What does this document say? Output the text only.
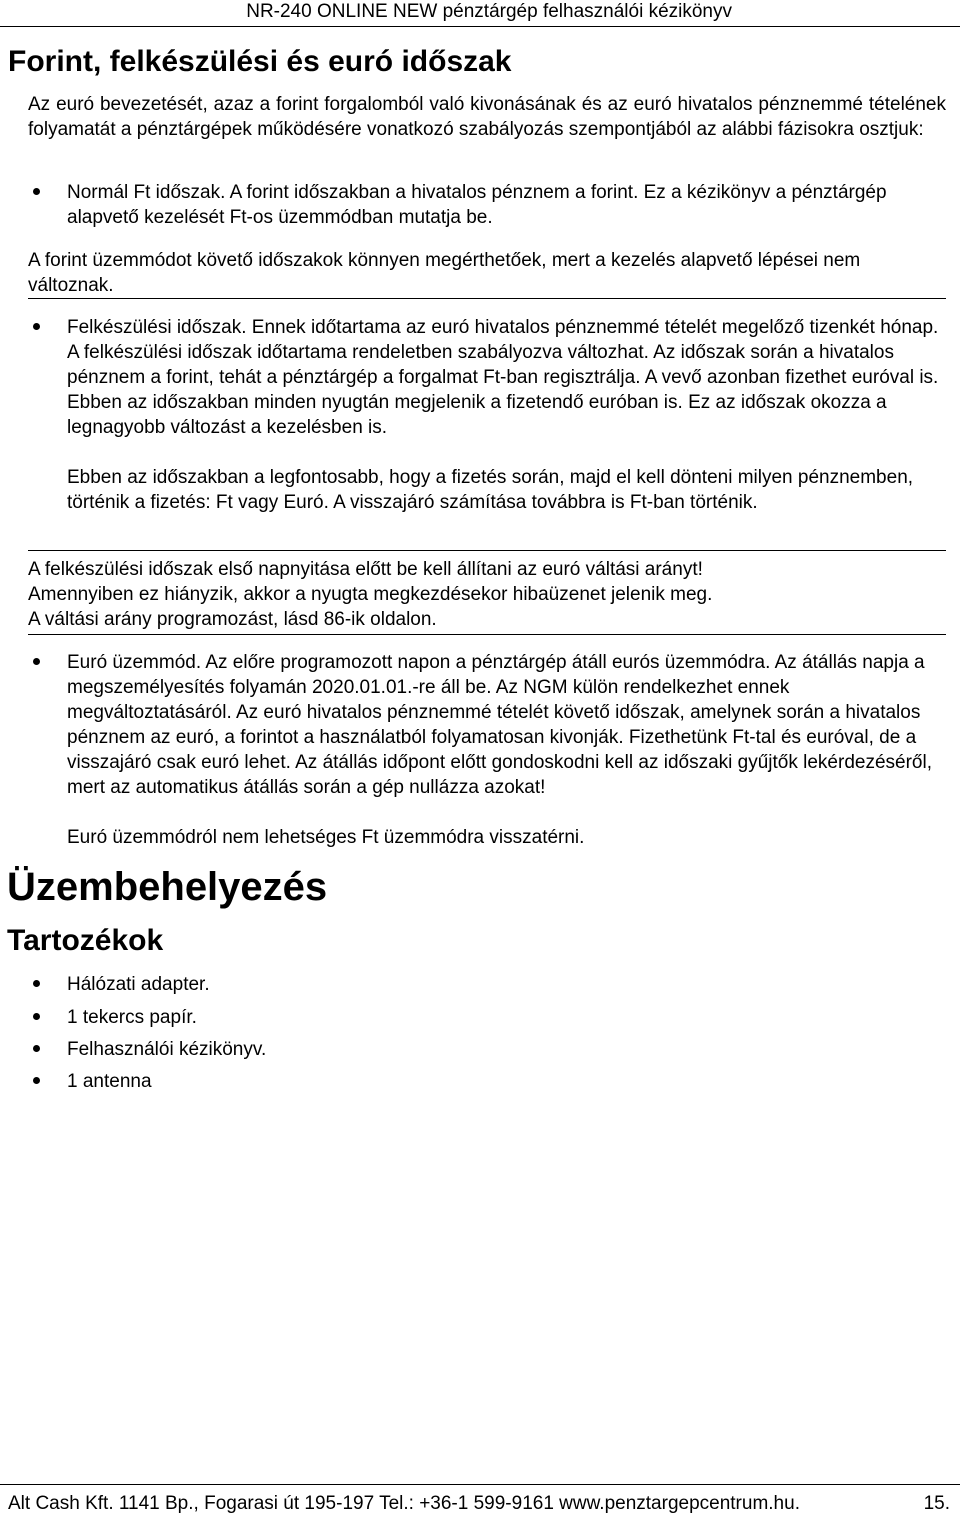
NR-240 ONLINE NEW pénztárgép felhasználói kézikönyv
Forint, felkészülési és euró időszak

Az euró bevezetését, azaz a forint forgalomból való kivonásának és az euró hivatalos pénznemmé tételének folyamatát a pénztárgépek működésére vonatkozó szabályozás szempontjából az alábbi fázisokra osztjuk:

Normál Ft időszak. A forint időszakban a hivatalos pénznem a forint. Ez a kézikönyv a pénztárgép alapvető kezelését Ft-os üzemmódban mutatja be.

A forint üzemmódot követő időszakok könnyen megérthetőek, mert a kezelés alapvető lépései nem változnak.

Felkészülési időszak. Ennek időtartama az euró hivatalos pénznemmé tételét megelőző tizenkét hónap. A felkészülési időszak időtartama rendeletben szabályozva változhat. Az időszak során a hivatalos pénznem a forint, tehát a pénztárgép a forgalmat Ft-ban regisztrálja. A vevő azonban fizethet euróval is. Ebben az időszakban minden nyugtán megjelenik a fizetendő euróban is. Ez az időszak okozza a legnagyobb változást a kezelésben is.

Ebben az időszakban a legfontosabb, hogy a fizetés során, majd el kell dönteni milyen pénznemben, történik a fizetés: Ft vagy Euró. A visszajáró számítása továbbra is Ft-ban történik.

A felkészülési időszak első napnyitása előtt be kell állítani az euró váltási arányt!

Amennyiben ez hiányzik, akkor a nyugta megkezdésekor hibaüzenet jelenik meg.

A váltási arány programozást, lásd 86-ik oldalon.

Euró üzemmód. Az előre programozott napon a pénztárgép átáll eurós üzemmódra. Az átállás napja a megszemélyesítés folyamán 2020.01.01.-re áll be. Az NGM külön rendelkezhet ennek megváltoztatásáról. Az euró hivatalos pénznemmé tételét követő időszak, amelynek során a hivatalos pénznem az euró, a forintot a használatból folyamatosan kivonják. Fizethetünk Ft-tal és euróval, de a visszajáró csak euró lehet. Az átállás időpont előtt gondoskodni kell az időszaki gyűjtők lekérdezéséről, mert az automatikus átállás során a gép nullázza azokat!

Euró üzemmódról nem lehetséges Ft üzemmódra visszatérni.

Üzembehelyezés
Tartozékok

Hálózati adapter.

1 tekercs papír.

Felhasználói kézikönyv.

1 antenna

Alt Cash Kft. 1141 Bp., Fogarasi út 195-197 Tel.: +36-1 599-9161 www.penztargepcentrum.hu.	15.
